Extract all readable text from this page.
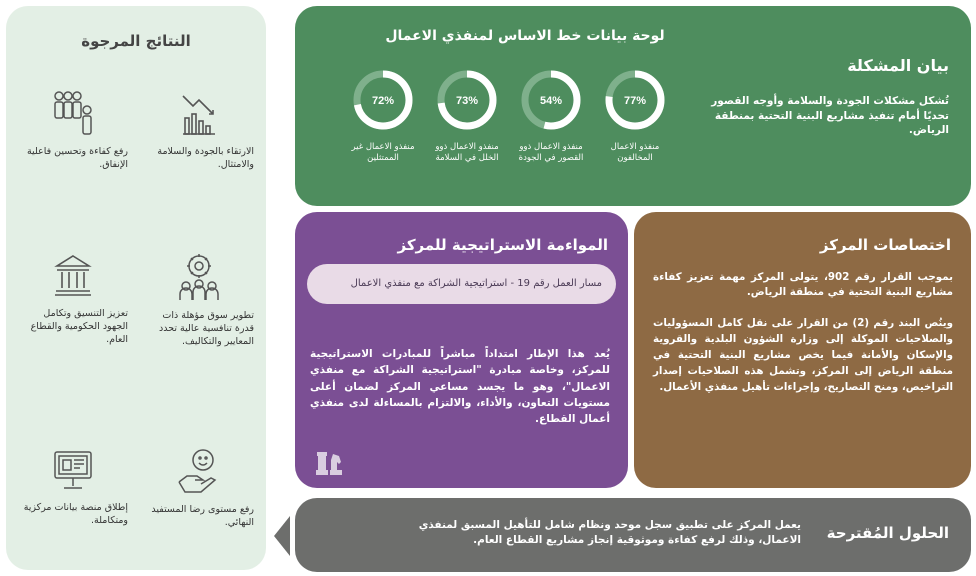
النتائج المرجوة
الارتقاء بالجودة والسلامة والامتثال.
رفع كفاءة وتحسين فاعلية الإنفاق.
تطوير سوق مؤهلة ذات قدرة تنافسية عالية تحدد المعايير والتكاليف.
تعزيز التنسيق وتكامل الجهود الحكومية والقطاع العام.
رفع مستوى رضا المستفيد النهائي.
إطلاق منصة بيانات مركزية ومتكاملة.
لوحة بيانات خط الاساس لمنفذي الاعمال
77%
منفذو الاعمال المخالفون
54%
منفذو الاعمال ذوو القصور في الجودة
73%
منفذو الاعمال ذوو الخلل في السلامة
72%
منفذو الاعمال غير الممتثلين
بيان المشكلة
تُشكل مشكلات الجودة والسلامة وأوجه القصور تحديًا أمام تنفيذ مشاريع البنية التحتية بمنطقة الرياض.
المواءمة الاستراتيجية للمركز
مسار العمل رقم 19 - استراتيجية الشراكة مع منفذي الاعمال
يُعد هذا الإطار امتداداً مباشراً للمبادرات الاستراتيجية للمركز، وخاصة مبادرة "استراتيجية الشراكة مع منفذي الاعمال"، وهو ما يجسد مساعي المركز لضمان أعلى مستويات التعاون، والأداء، والالتزام بالمساءلة لدى منفذي أعمال القطاع.
اختصاصات المركز
بموجب القرار رقم 902، يتولى المركز مهمة تعزيز كفاءة مشاريع البنية التحتية في منطقة الرياض.
وينُص البند رقم (2) من القرار على نقل كامل المسؤوليات والصلاحيات الموكلة إلى وزارة الشؤون البلدية والقروية والإسكان والأمانة فيما يخص مشاريع البنية التحتية في منطقة الرياض إلى المركز، وتشمل هذه الصلاحيات إصدار التراخيص، ومنح التصاريح، وإجراءات تأهيل منفذي الأعمال.
الحلول المُقترحة
يعمل المركز على تطبيق سجل موحد ونظام شامل للتأهيل المسبق لمنفذي الاعمال، وذلك لرفع كفاءة وموثوقية إنجاز مشاريع القطاع العام.
